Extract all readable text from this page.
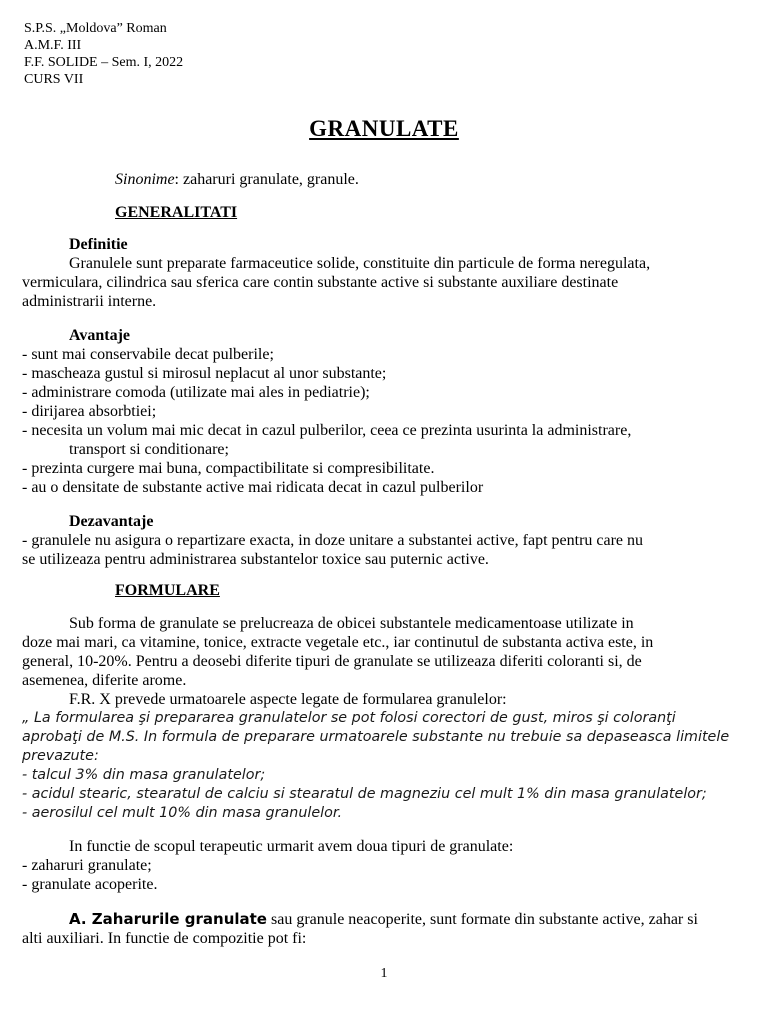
S.P.S. „Moldova” Roman
A.M.F. III
F.F. SOLIDE – Sem. I, 2022
CURS VII
GRANULATE

Sinonime: zaharuri granulate, granule.

GENERALITATI

Definitie

Granulele sunt preparate farmaceutice solide, constituite din particule de forma neregulata,

vermiculara, cilindrica sau sferica care contin substante active si substante auxiliare destinate

administrarii interne.

Avantaje

- sunt mai conservabile decat pulberile;

- mascheaza gustul si mirosul neplacut al unor substante;

- administrare comoda (utilizate mai ales in pediatrie);

- dirijarea absorbtiei;

- necesita un volum mai mic decat in cazul pulberilor, ceea ce prezinta usurinta la administrare,

transport si conditionare;

- prezinta curgere mai buna, compactibilitate si compresibilitate.

- au o densitate de substante active mai ridicata decat in cazul pulberilor

Dezavantaje

- granulele nu asigura o repartizare exacta, in doze unitare a substantei active, fapt pentru care nu

se utilizeaza pentru administrarea substantelor toxice sau puternic active.

FORMULARE

Sub forma de granulate se prelucreaza de obicei substantele medicamentoase utilizate in

doze mai mari, ca vitamine, tonice, extracte vegetale etc., iar continutul de substanta activa este, in

general, 10-20%. Pentru a deosebi diferite tipuri de granulate se utilizeaza diferiti coloranti si, de

asemenea, diferite arome.

F.R. X prevede urmatoarele aspecte legate de formularea granulelor:

„ La formularea şi prepararea granulatelor se pot folosi corectori de gust, miros şi coloranţi

aprobaţi de M.S. In formula de preparare urmatoarele substante nu trebuie sa depaseasca limitele

prevazute:

- talcul 3% din masa granulatelor;

- acidul stearic, stearatul de calciu si stearatul de magneziu cel mult 1% din masa granulatelor;

- aerosilul cel mult 10% din masa granulelor.

In functie de scopul terapeutic urmarit avem doua tipuri de granulate:

- zaharuri granulate;

- granulate acoperite.

A. Zaharurile granulate sau granule neacoperite, sunt formate din substante active, zahar si

alti auxiliari. In functie de compozitie pot fi:

1
